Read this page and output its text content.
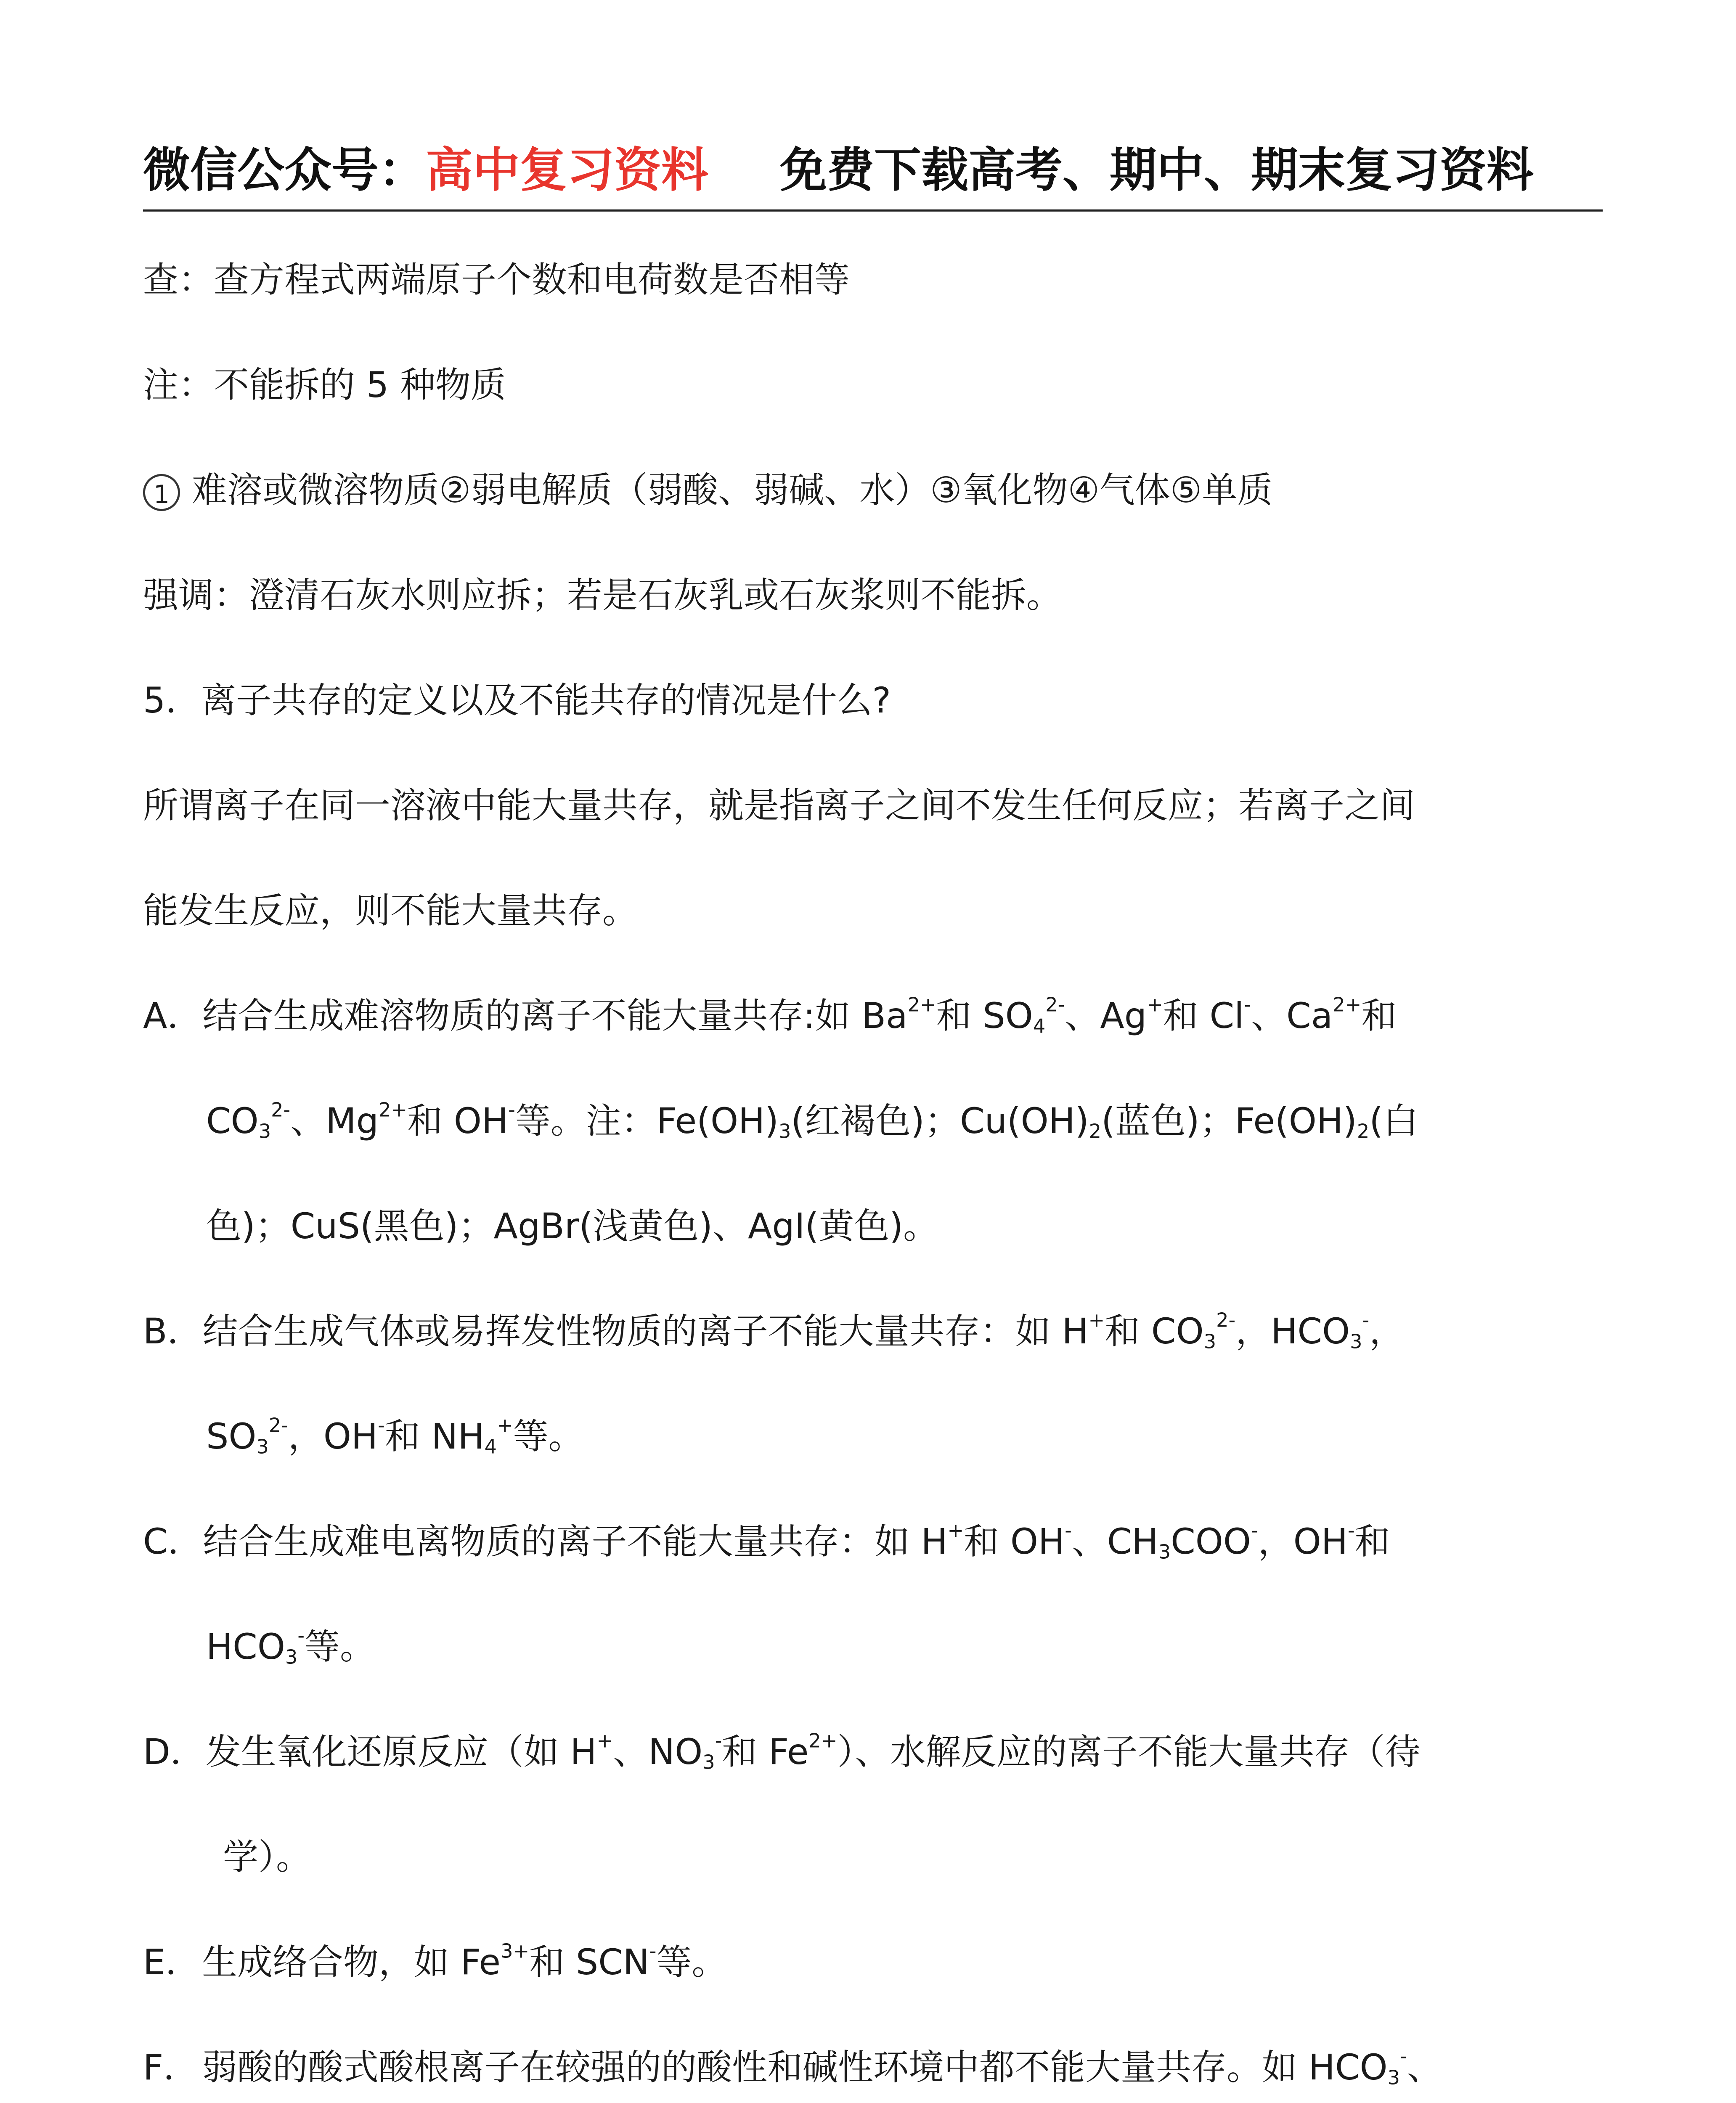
微信公众号：高中复习资料 免费下载高考、期中、期末复习资料

查：查方程式两端原子个数和电荷数是否相等

注：不能拆的 5 种物质

1 难溶或微溶物质②弱电解质（弱酸、弱碱、水）③氧化物④气体⑤单质

强调：澄清石灰水则应拆；若是石灰乳或石灰浆则不能拆。

5．离子共存的定义以及不能共存的情况是什么?

所谓离子在同一溶液中能大量共存，就是指离子之间不发生任何反应；若离子之间

能发生反应，则不能大量共存。

A．结合生成难溶物质的离子不能大量共存:如 $Ba^{2+}$和 $SO_4^{2-}$、Ag+和 Cl-、$Ca^{2+}$和

$CO_3^{2-}$、$Mg^{2+}$和 OH-等。注：$Fe(OH)_3$(红褐色)；$Cu(OH)_2$(蓝色)；$Fe(OH)_2$(白

色)；CuS(黑色)；AgBr(浅黄色)、AgI(黄色)。

B．结合生成气体或易挥发性物质的离子不能大量共存：如 H+和 $CO_3^{2-}$，$HCO_3^-$，

$SO_3^{2-}$，OH-和 $NH_4^+$等。

C．结合生成难电离物质的离子不能大量共存：如 H+和 OH-、$CH_3COO^-$，OH-和

$HCO_3^-$等。

D．发生氧化还原反应（如 H+、$NO_3^-$和 $Fe^{2+}$）、水解反应的离子不能大量共存（待

学）。

E．生成络合物，如 $Fe^{3+}$和 SCN-等。

F．弱酸的酸式酸根离子在较强的的酸性和碱性环境中都不能大量共存。如 $HCO_3^-$、
